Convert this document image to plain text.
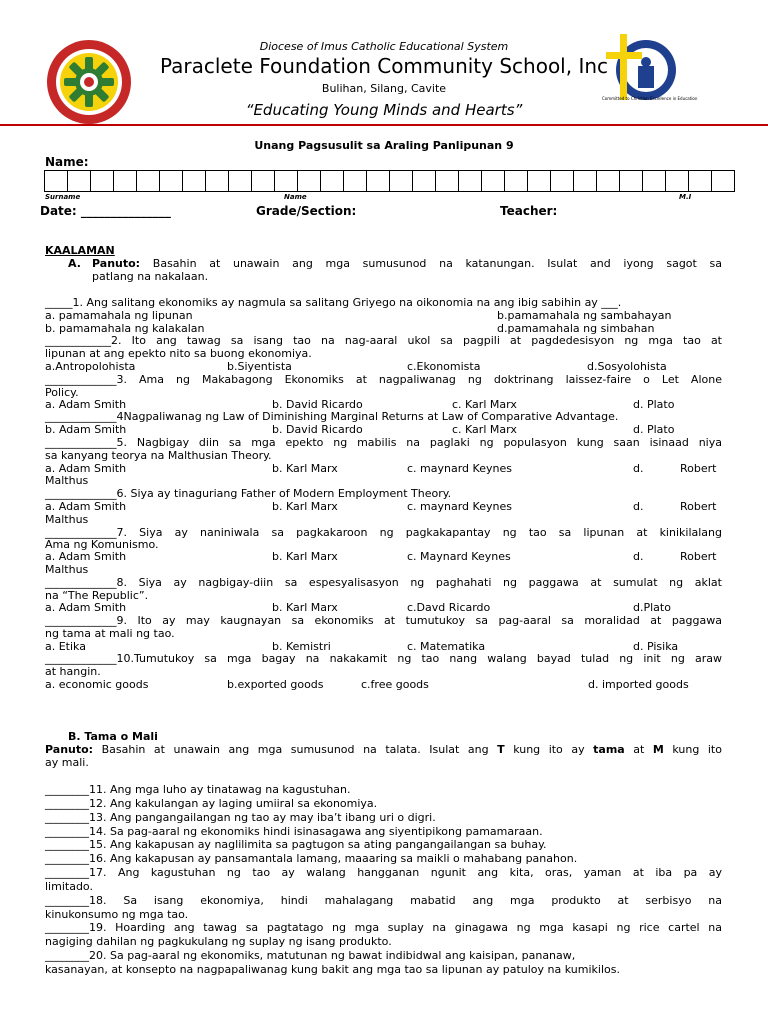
Committed to Christian Excellence in Education
Diocese of Imus Catholic Educational System
Paraclete Foundation Community School, Inc
Bulihan, Silang, Cavite
“Educating Young Minds and Hearts”
Unang Pagsusulit sa Araling Panlipunan 9
Name:
Surname	Name	M.I
Date: _______________	Grade/Section:	Teacher:
KAALAMAN
A. Panuto: Basahin at unawain ang mga sumusunod na katanungan. Isulat and iyong sagot sa
patlang na nakalaan.
_____1. Ang salitang ekonomiks ay nagmula sa salitang Griyego na oikonomia na ang ibig sabihin ay ___.
a. pamamahala ng lipunan	b.pamamahala ng sambahayan
b. pamamahala ng kalakalan	d.pamamahala ng simbahan
____________2. Ito ang tawag sa isang tao na nag-aaral ukol sa pagpili at pagdedesisyon ng mga tao at
lipunan at ang epekto nito sa buong ekonomiya.
a.Antropolohista	b.Siyentista	c.Ekonomista	d.Sosyolohista
_____________3. Ama ng Makabagong Ekonomiks at nagpaliwanag ng doktrinang laissez-faire o Let Alone
Policy.
a. Adam Smith	b. David Ricardo	c. Karl Marx	d. Plato
_____________4Nagpaliwanag ng Law of Diminishing Marginal Returns at Law of Comparative Advantage.
b. Adam Smith	b. David Ricardo	c. Karl Marx	d. Plato
_____________5. Nagbigay diin sa mga epekto ng mabilis na paglaki ng populasyon kung saan isinaad niya
sa kanyang teorya na Malthusian Theory.
a. Adam Smith	b. Karl Marx	c. maynard Keynes	d.	Robert
Malthus
_____________6. Siya ay tinaguriang Father of Modern Employment Theory.
a. Adam Smith	b. Karl Marx	c. maynard Keynes	d.	Robert
Malthus
_____________7. Siya ay naniniwala sa pagkakaroon ng pagkakapantay ng tao sa lipunan at kinikilalang
Ama ng Komunismo.
a. Adam Smith	b. Karl Marx	c. Maynard Keynes	d.	Robert
Malthus
_____________8. Siya ay nagbigay-diin sa espesyalisasyon ng paghahati ng paggawa at sumulat ng aklat
na “The Republic”.
a. Adam Smith	b. Karl Marx	c.Davd Ricardo	d.Plato
_____________9. Ito ay may kaugnayan sa ekonomiks at tumutukoy sa pag-aaral sa moralidad at paggawa
ng tama at mali ng tao.
a. Etika	b. Kemistri	c. Matematika	d. Pisika
_____________10.Tumutukoy sa mga bagay na nakakamit ng tao nang walang bayad tulad ng init ng araw
at hangin.
a. economic goods	b.exported goods	c.free goods	d. imported goods
B. Tama o Mali
Panuto: Basahin at unawain ang mga sumusunod na talata. Isulat ang T kung ito ay tama at M kung ito
ay mali.
________11. Ang mga luho ay tinatawag na kagustuhan.
________12. Ang kakulangan ay laging umiiral sa ekonomiya.
________13. Ang pangangailangan ng tao ay may iba’t ibang uri o digri.
________14. Sa pag-aaral ng ekonomiks hindi isinasagawa ang siyentipikong pamamaraan.
________15. Ang kakapusan ay naglilimita sa pagtugon sa ating pangangailangan sa buhay.
________16. Ang kakapusan ay pansamantala lamang, maaaring sa maikli o mahabang panahon.
________17. Ang kagustuhan ng tao ay walang hangganan ngunit ang kita, oras, yaman at iba pa ay
limitado.
________18. Sa isang ekonomiya, hindi mahalagang mabatid ang mga produkto at serbisyo na
kinukonsumo ng mga tao.
________19. Hoarding ang tawag sa pagtatago ng mga suplay na ginagawa ng mga kasapi ng rice cartel na
nagiging dahilan ng pagkukulang ng suplay ng isang produkto.
________20. Sa pag-aaral ng ekonomiks, matutunan ng bawat indibidwal ang kaisipan, pananaw,
kasanayan, at konsepto na nagpapaliwanag kung bakit ang mga tao sa lipunan ay patuloy na kumikilos.
